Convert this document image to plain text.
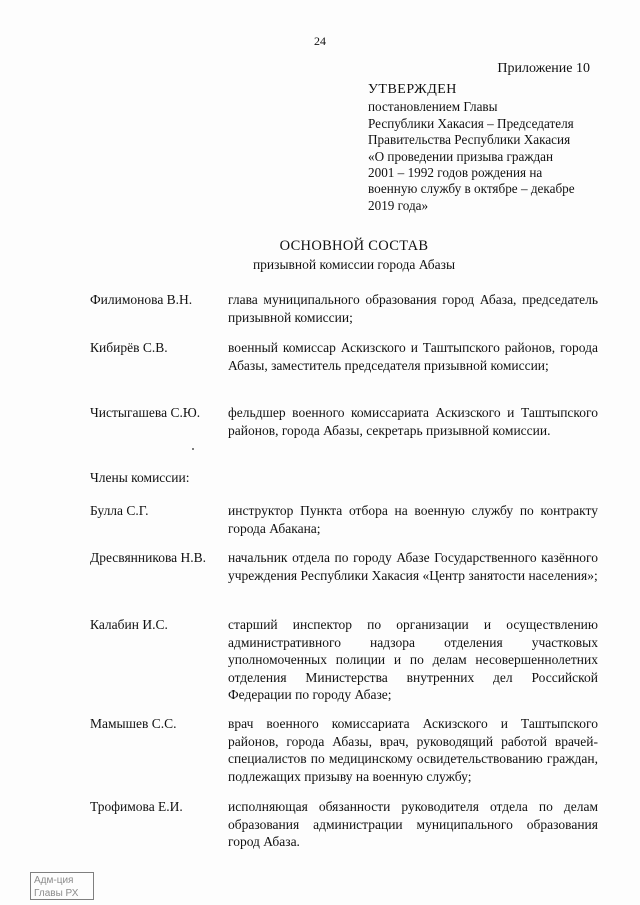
24
Приложение 10
УТВЕРЖДЕН
постановлением Главы
Республики Хакасия – Председателя
Правительства Республики Хакасия
«О проведении призыва граждан
2001 – 1992 годов рождения на
военную службу в октябре – декабре
2019 года»
ОСНОВНОЙ СОСТАВ
призывной комиссии города Абазы
Филимонова В.Н.	глава муниципального образования город Абаза, председатель призывной комиссии;
Кибирёв С.В.	военный комиссар Аскизского и Таштыпского районов, города Абазы, заместитель председателя призывной комиссии;
Чистыгашева С.Ю. фельдшер военного комиссариата Аскизского и Таштыпского районов, города Абазы, секретарь призывной комиссии.
Члены комиссии:
Булла С.Г.	инструктор Пункта отбора на военную службу по контракту города Абакана;
Дресвянникова Н.В. начальник отдела по городу Абазе Государственного казённого учреждения Республики Хакасия «Центр занятости населения»;
Калабин И.С.	старший инспектор по организации и осуществлению административного надзора отделения участковых уполномоченных полиции и по делам несовершеннолетних отделения Министерства внутренних дел Российской Федерации по городу Абазе;
Мамышев С.С.	врач военного комиссариата Аскизского и Таштыпского районов, города Абазы, врач, руководящий работой врачей-специалистов по медицинскому освидетельствованию граждан, подлежащих призыву на военную службу;
Трофимова Е.И.	исполняющая обязанности руководителя отдела по делам образования администрации муниципального образования город Абаза.
Адм-ция
Главы РХ
